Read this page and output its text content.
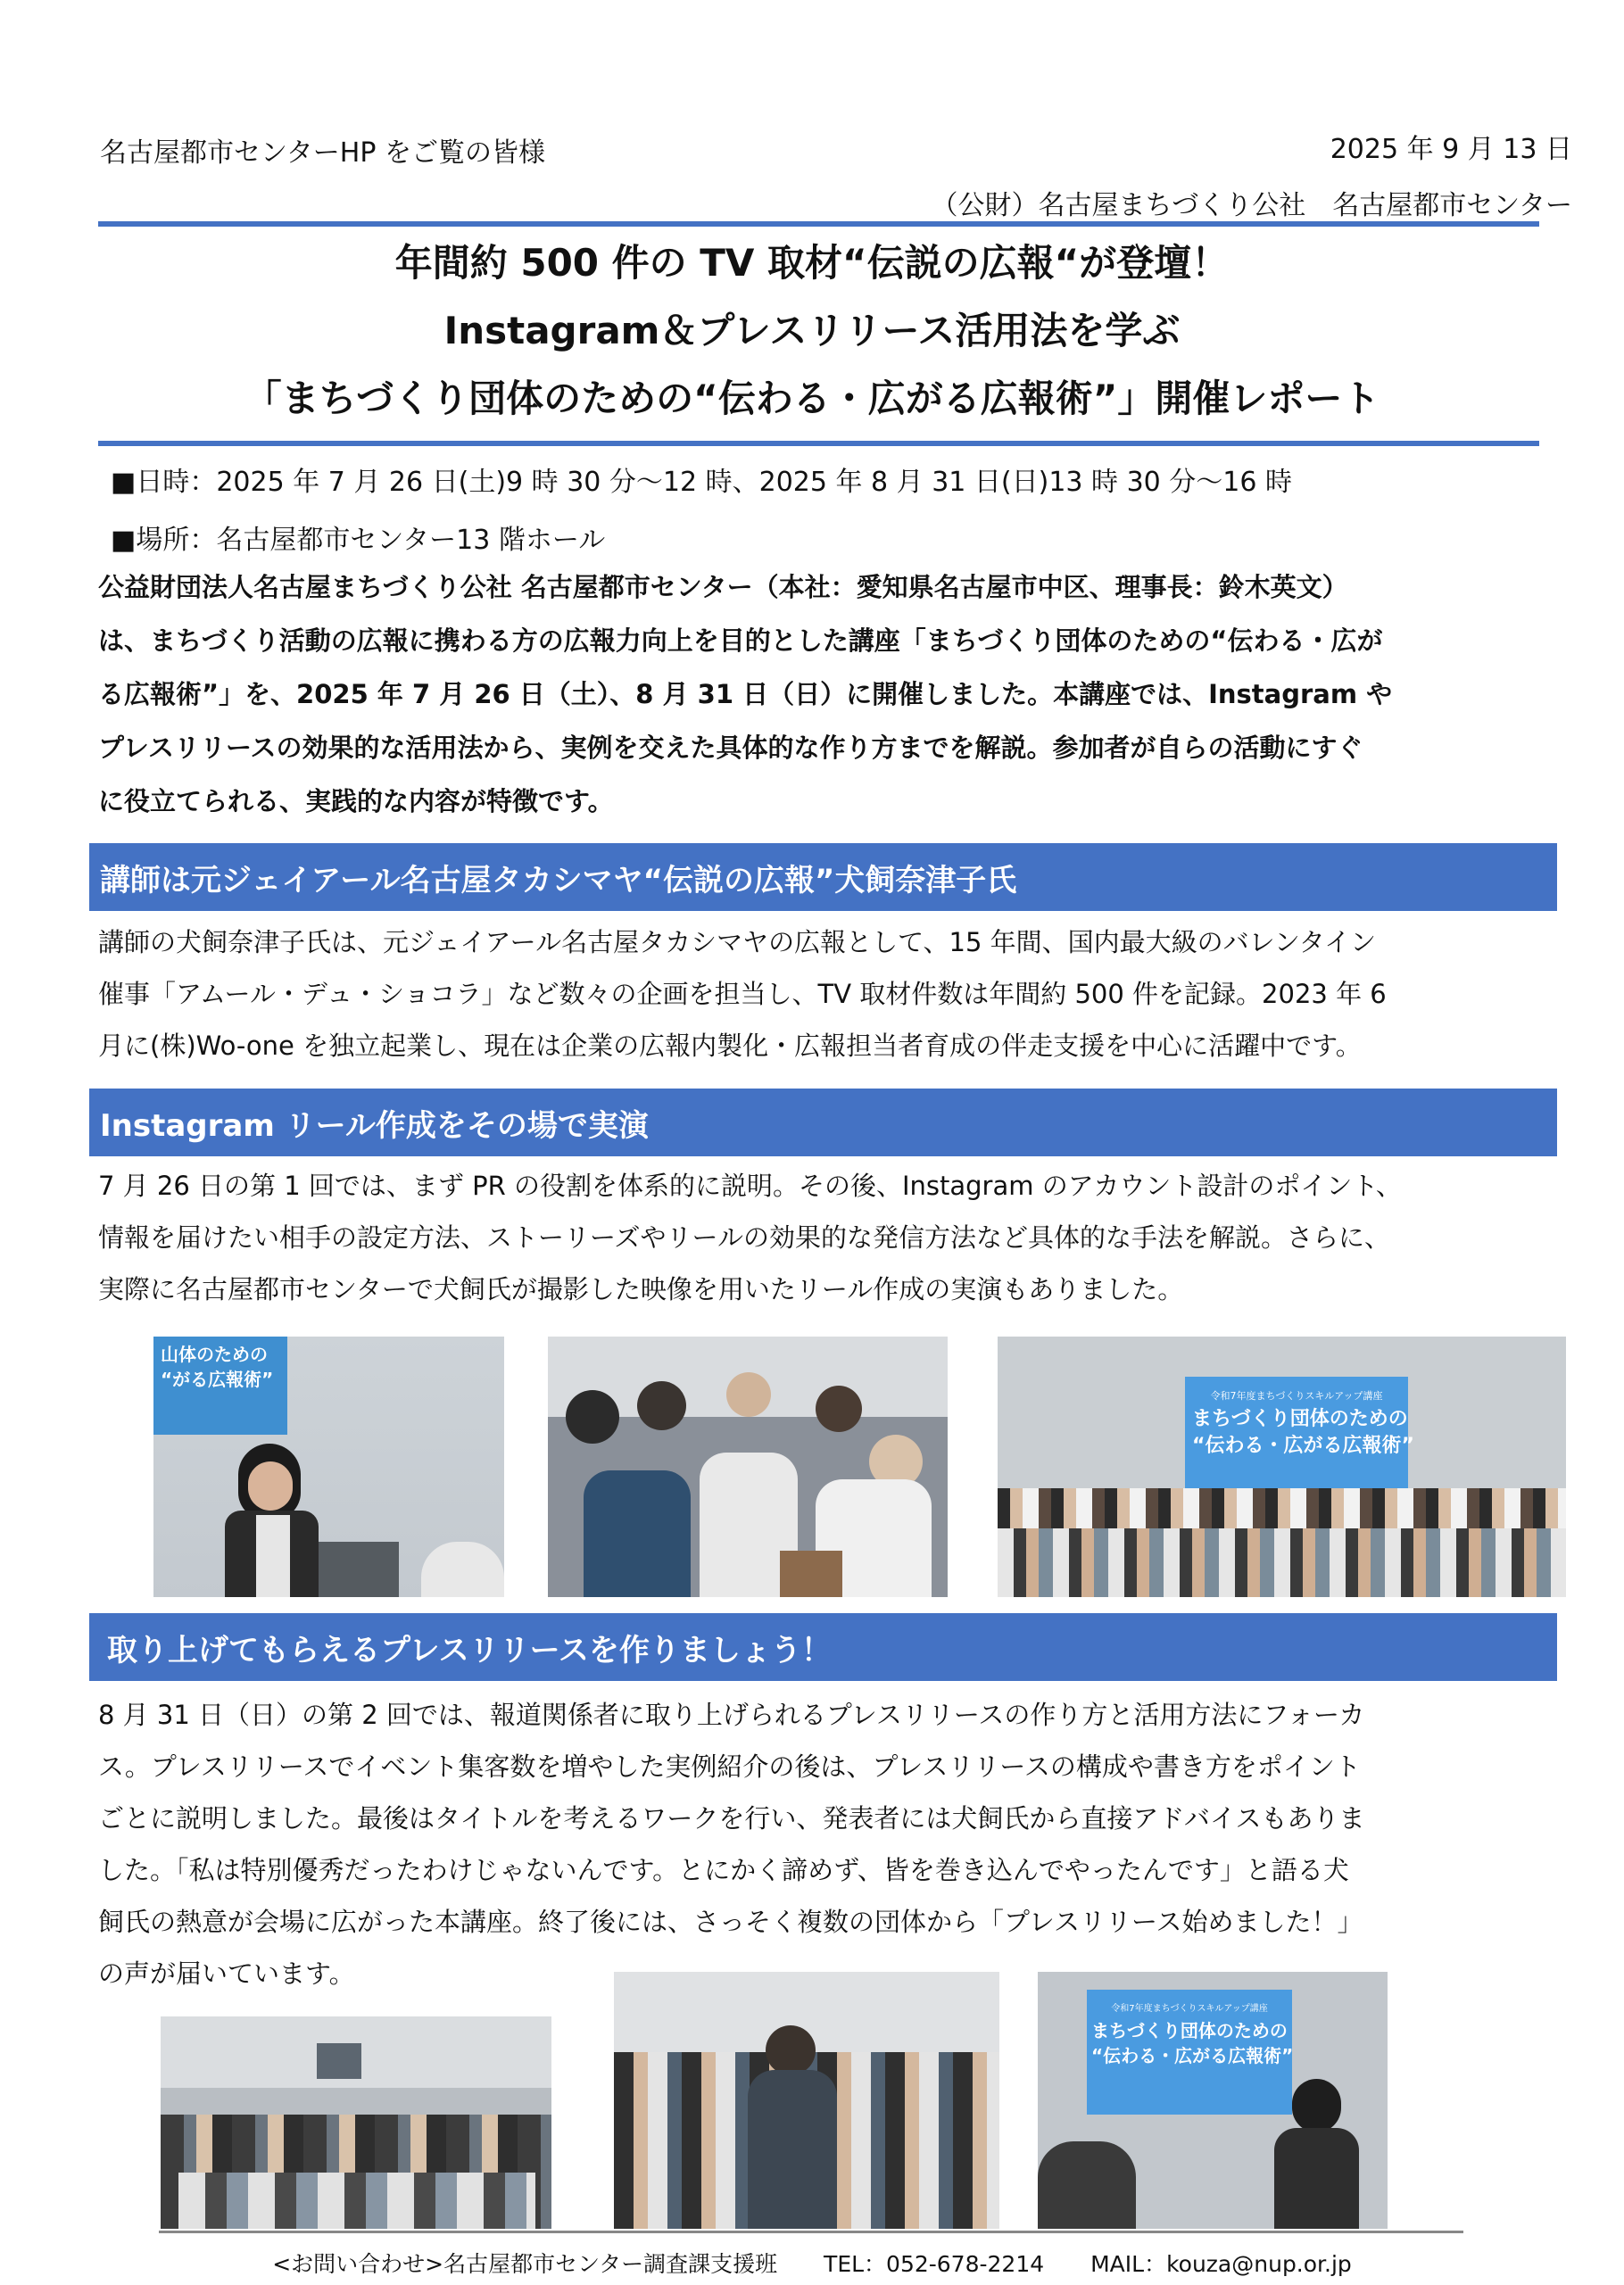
名古屋都市センターHP をご覧の皆様	2025 年 9 月 13 日
（公財）名古屋まちづくり公社　名古屋都市センター
年間約 500 件の TV 取材“伝説の広報“が登壇！
Instagram＆プレスリリース活用法を学ぶ
「まちづくり団体のための“伝わる・広がる広報術”」開催レポート
■日時：2025 年 7 月 26 日(土)9 時 30 分～12 時、2025 年 8 月 31 日(日)13 時 30 分～16 時
■場所：名古屋都市センター13 階ホール
公益財団法人名古屋まちづくり公社 名古屋都市センター（本社：愛知県名古屋市中区、理事長：鈴木英文）
は、まちづくり活動の広報に携わる方の広報力向上を目的とした講座「まちづくり団体のための“伝わる・広が
る広報術”」を、2025 年 7 月 26 日（土）、8 月 31 日（日）に開催しました。本講座では、Instagram や
プレスリリースの効果的な活用法から、実例を交えた具体的な作り方までを解説。参加者が自らの活動にすぐ
に役立てられる、実践的な内容が特徴です。
講師は元ジェイアール名古屋タカシマヤ“伝説の広報”犬飼奈津子氏
講師の犬飼奈津子氏は、元ジェイアール名古屋タカシマヤの広報として、15 年間、国内最大級のバレンタイン
催事「アムール・デュ・ショコラ」など数々の企画を担当し、TV 取材件数は年間約 500 件を記録。2023 年 6
月に(株)Wo-one を独立起業し、現在は企業の広報内製化・広報担当者育成の伴走支援を中心に活躍中です。
Instagram リール作成をその場で実演
7 月 26 日の第 1 回では、まず PR の役割を体系的に説明。その後、Instagram のアカウント設計のポイント、
情報を届けたい相手の設定方法、ストーリーズやリールの効果的な発信方法など具体的な手法を解説。さらに、
実際に名古屋都市センターで犬飼氏が撮影した映像を用いたリール作成の実演もありました。
山体のための
“がる広報術”
令和7年度まちづくりスキルアップ講座
まちづくり団体のための
“伝わる・広がる広報術”
取り上げてもらえるプレスリリースを作りましょう！
8 月 31 日（日）の第 2 回では、報道関係者に取り上げられるプレスリリースの作り方と活用方法にフォーカ
ス。プレスリリースでイベント集客数を増やした実例紹介の後は、プレスリリースの構成や書き方をポイント
ごとに説明しました。最後はタイトルを考えるワークを行い、発表者には犬飼氏から直接アドバイスもありま
した。「私は特別優秀だったわけじゃないんです。とにかく諦めず、皆を巻き込んでやったんです」と語る犬
飼氏の熱意が会場に広がった本講座。終了後には、さっそく複数の団体から「プレスリリース始めました！」
の声が届いています。
令和7年度まちづくりスキルアップ講座
まちづくり団体のための
“伝わる・広がる広報術”
<お問い合わせ>名古屋都市センター調査課支援班 TEL：052-678-2214 MAIL：kouza@nup.or.jp
